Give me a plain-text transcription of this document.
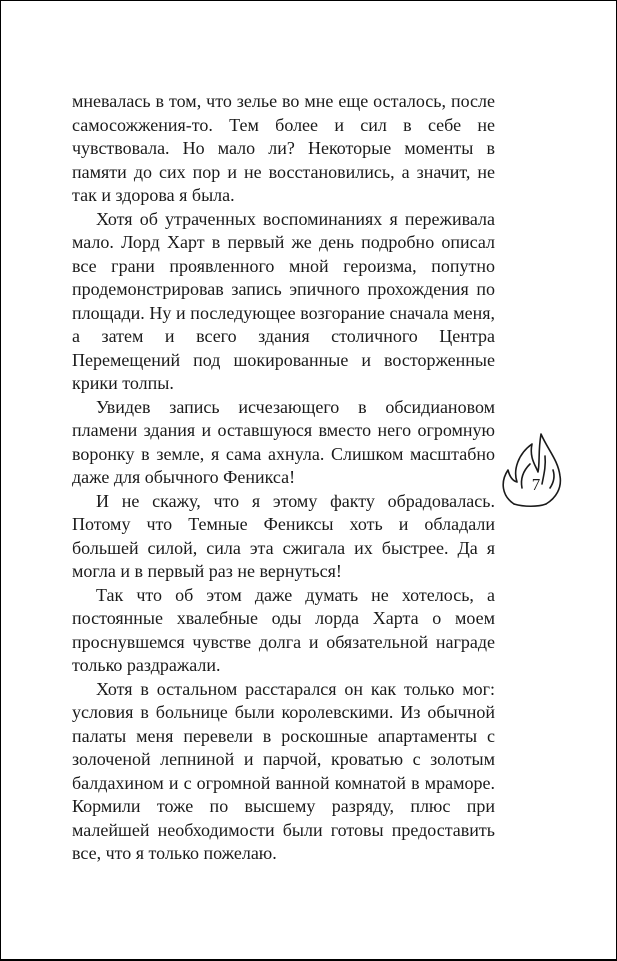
мневалась в том, что зелье во мне еще осталось, после самосожжения-то. Тем более и сил в себе не чувствовала. Но мало ли? Некоторые моменты в памяти до сих пор и не восстановились, а значит, не так и здорова я была.

Хотя об утраченных воспоминаниях я переживала мало. Лорд Харт в первый же день подробно описал все грани проявленного мной героизма, попутно продемонстрировав запись эпичного прохождения по площади. Ну и последующее возгорание сначала меня, а затем и всего здания столичного Центра Перемещений под шокированные и восторженные крики толпы.

Увидев запись исчезающего в обсидиановом пламени здания и оставшуюся вместо него огромную воронку в земле, я сама ахнула. Слишком масштабно даже для обычного Феникса!

И не скажу, что я этому факту обрадовалась. Потому что Темные Фениксы хоть и обладали большей силой, сила эта сжигала их быстрее. Да я могла и в первый раз не вернуться!

Так что об этом даже думать не хотелось, а постоянные хвалебные оды лорда Харта о моем проснувшемся чувстве долга и обязательной награде только раздражали.

Хотя в остальном расстарался он как только мог: условия в больнице были королевскими. Из обычной палаты меня перевели в роскошные апартаменты с золоченой лепниной и парчой, кроватью с золотым балдахином и с огромной ванной комнатой в мраморе. Кормили тоже по высшему разряду, плюс при малейшей необходимости были готовы предоставить все, что я только пожелаю.

7
